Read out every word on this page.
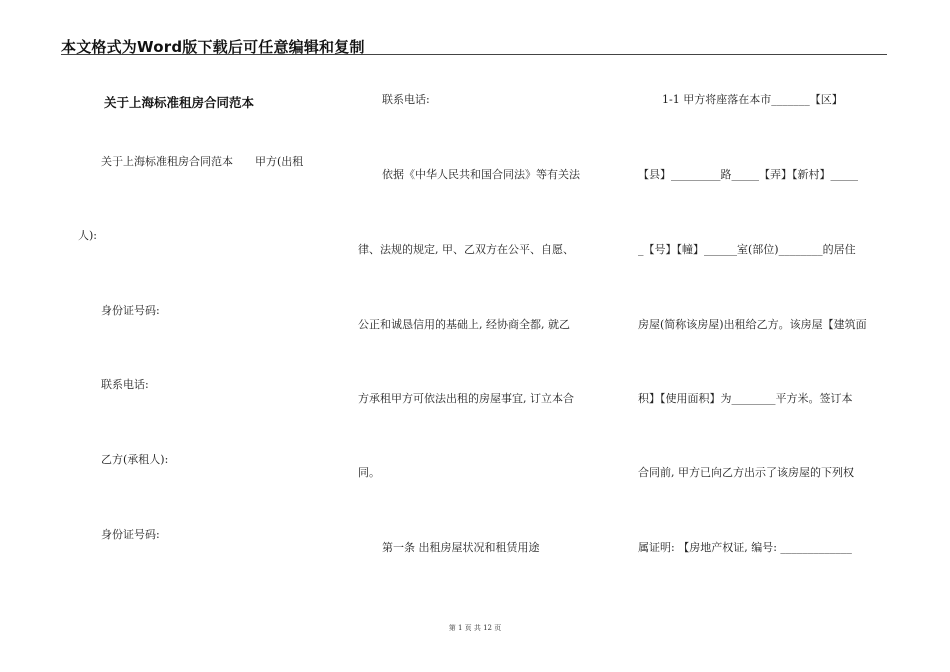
本文格式为Word版下载后可任意编辑和复制
关于上海标准租房合同范本
关于上海标准租房合同范本　　甲方(出租
人):
身份证号码:
联系电话:
乙方(承租人):
身份证号码:
联系电话:
依据《中华人民共和国合同法》等有关法
律、法规的规定, 甲、乙双方在公平、自愿、
公正和诚恳信用的基础上, 经协商全都, 就乙
方承租甲方可依法出租的房屋事宜, 订立本合
同。
第一条 出租房屋状况和租赁用途
1-1 甲方将座落在本市_______【区】
【县】_________路_____【弄】【新村】_____
_【号】【幢】______室(部位)________的居住
房屋(简称该房屋)出租给乙方。该房屋【建筑面
积】【使用面积】为________平方米。签订本
合同前, 甲方已向乙方出示了该房屋的下列权
属证明: 【房地产权证, 编号: _____________
第 1 页 共 12 页
